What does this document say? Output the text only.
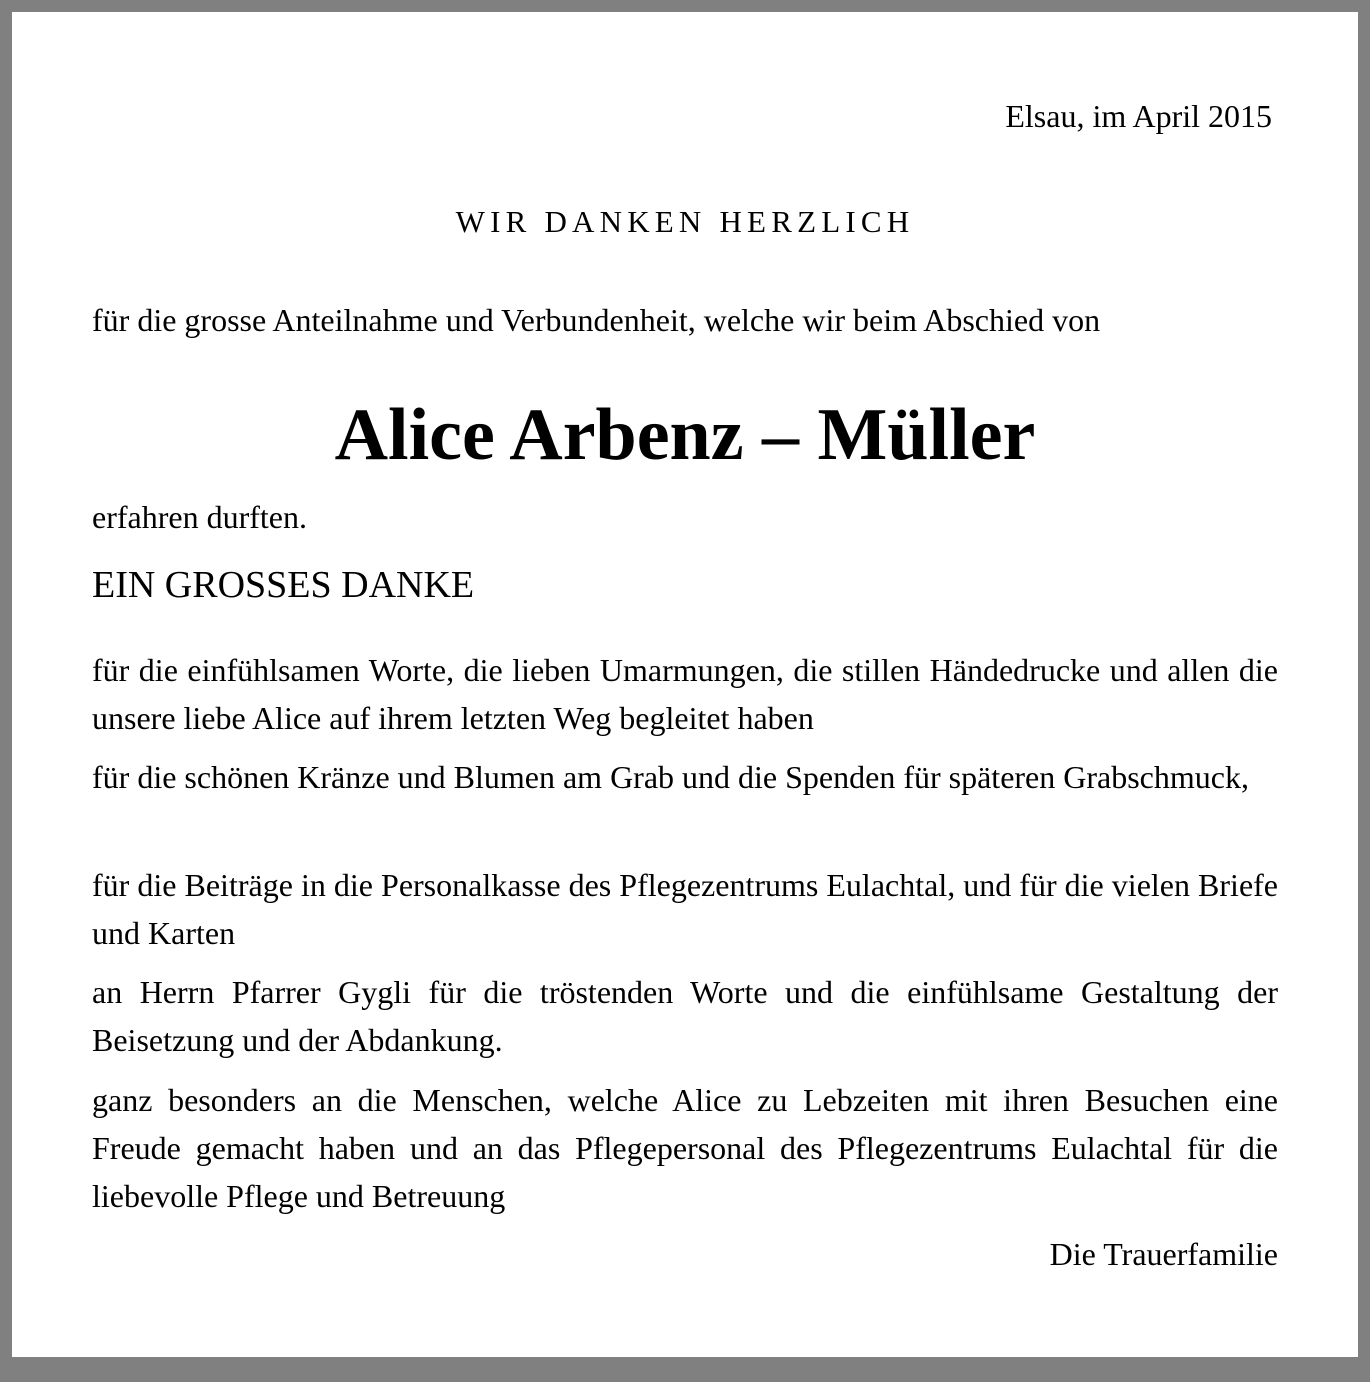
Elsau, im April 2015
WIR DANKEN HERZLICH
für die grosse Anteilnahme und Verbundenheit, welche wir beim Abschied von
Alice Arbenz – Müller
erfahren durften.
EIN GROSSES DANKE
für die einfühlsamen Worte, die lieben Umarmungen, die stillen Händedrucke und allen die unsere liebe Alice auf ihrem letzten Weg begleitet haben
für die schönen Kränze und Blumen am Grab und die Spenden für späteren Grabschmuck,
für die Beiträge in die Personalkasse des Pflegezentrums Eulachtal, und für die vielen Briefe und Karten
an Herrn Pfarrer Gygli für die tröstenden Worte und die einfühlsame Gestaltung der Beisetzung und der Abdankung.
ganz besonders an die Menschen, welche Alice zu Lebzeiten mit ihren Besuchen eine Freude gemacht haben und an das Pflegepersonal des Pflegezentrums Eulachtal für die liebevolle Pflege und Betreuung
Die Trauerfamilie
